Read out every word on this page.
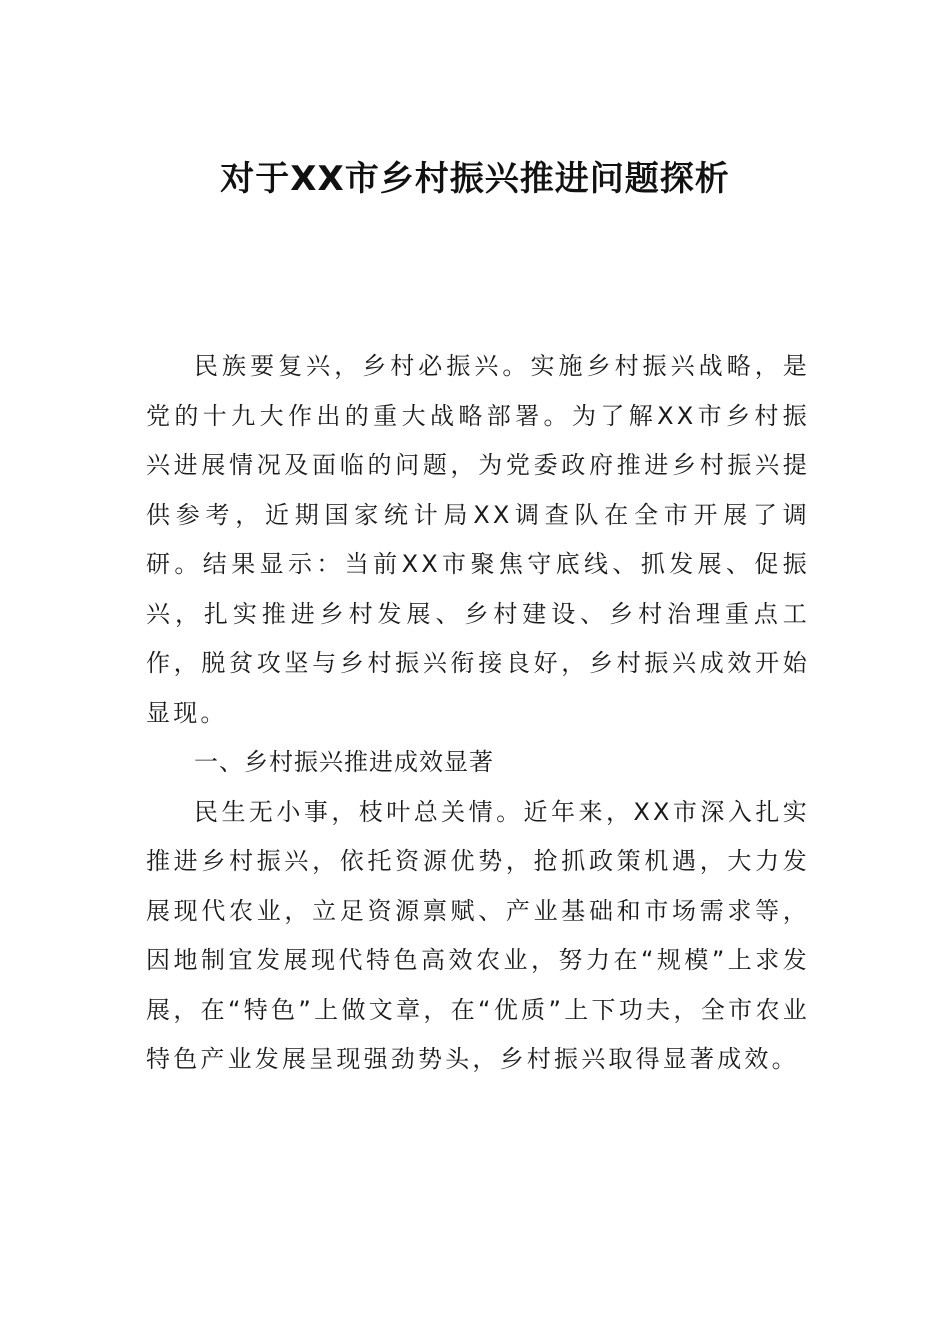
对于XX市乡村振兴推进问题探析

民族要复兴，乡村必振兴。实施乡村振兴战略，是党的十九大作出的重大战略部署。为了解XX市乡村振兴进展情况及面临的问题，为党委政府推进乡村振兴提供参考，近期国家统计局XX调查队在全市开展了调研。结果显示：当前XX市聚焦守底线、抓发展、促振兴，扎实推进乡村发展、乡村建设、乡村治理重点工作，脱贫攻坚与乡村振兴衔接良好，乡村振兴成效开始显现。

一、乡村振兴推进成效显著

民生无小事，枝叶总关情。近年来，XX市深入扎实推进乡村振兴，依托资源优势，抢抓政策机遇，大力发展现代农业，立足资源禀赋、产业基础和市场需求等，因地制宜发展现代特色高效农业，努力在“规模”上求发展，在“特色”上做文章，在“优质”上下功夫，全市农业特色产业发展呈现强劲势头，乡村振兴取得显著成效。
